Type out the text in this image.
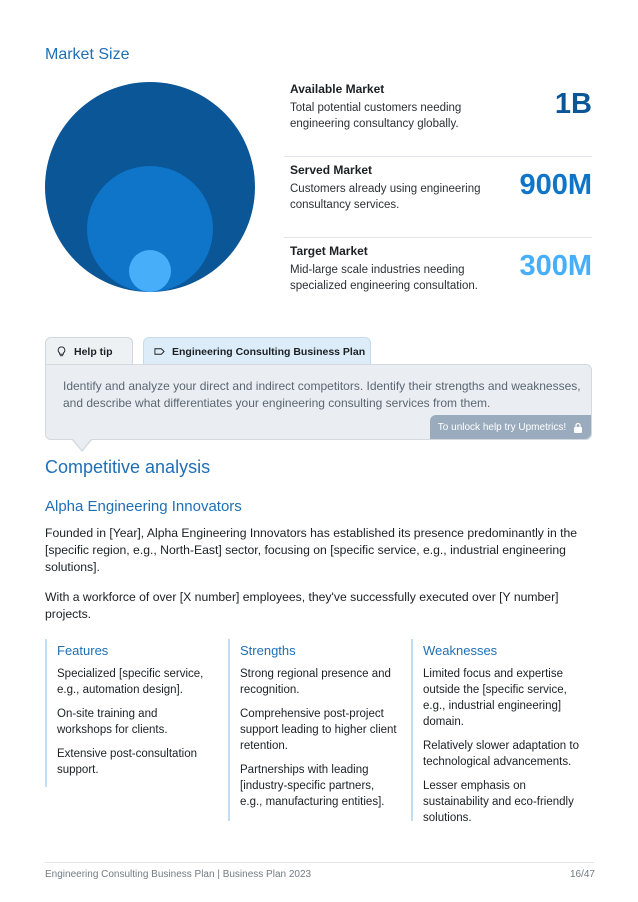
Market Size
Available Market

Total potential customers needing engineering consultancy globally.

1B
Served Market

Customers already using engineering consultancy services.

900M
Target Market

Mid-large scale industries needing specialized engineering consultation.

300M
Help tip	Engineering Consulting Business Plan
Identify and analyze your direct and indirect competitors. Identify their strengths and weaknesses, and describe what differentiates your engineering consulting services from them.
To unlock help try Upmetrics!
Competitive analysis
Alpha Engineering Innovators
Founded in [Year], Alpha Engineering Innovators has established its presence predominantly in the [specific region, e.g., North-East] sector, focusing on [specific service, e.g., industrial engineering solutions].
With a workforce of over [X number] employees, they've successfully executed over [Y number] projects.
Features

Specialized [specific service, e.g., automation design].

On-site training and workshops for clients.

Extensive post-consultation support.

Strengths

Strong regional presence and recognition.

Comprehensive post-project support leading to higher client retention.

Partnerships with leading [industry-specific partners, e.g., manufacturing entities].

Weaknesses

Limited focus and expertise outside the [specific service, e.g., industrial engineering] domain.

Relatively slower adaptation to technological advancements.

Lesser emphasis on sustainability and eco-friendly solutions.

Engineering Consulting Business Plan | Business Plan 2023	16/47
